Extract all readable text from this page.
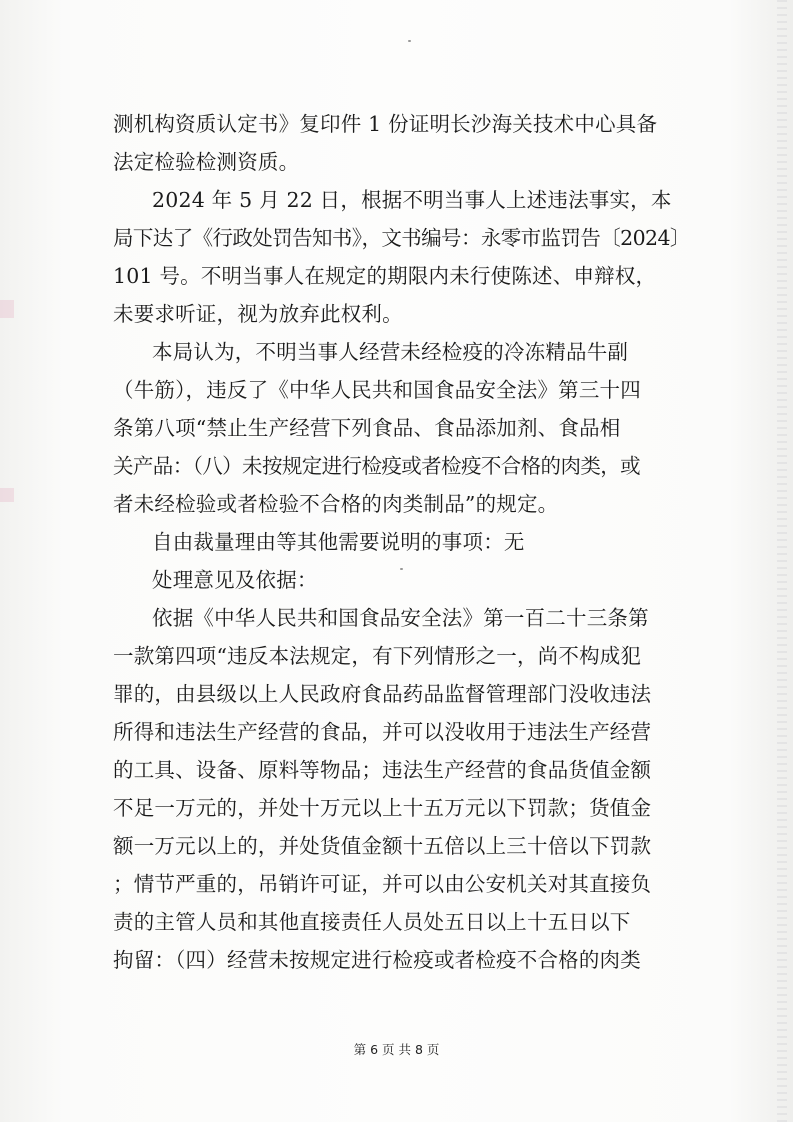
测机构资质认定书》复印件 1 份证明长沙海关技术中心具备
法定检验检测资质。
2024 年 5 月 22 日，根据不明当事人上述违法事实，本
局下达了《行政处罚告知书》，文书编号：永零市监罚告〔2024〕
101 号。不明当事人在规定的期限内未行使陈述、申辩权，
未要求听证，视为放弃此权利。
本局认为，不明当事人经营未经检疫的冷冻精品牛副
（牛筋），违反了《中华人民共和国食品安全法》第三十四
条第八项“禁止生产经营下列食品、食品添加剂、食品相
关产品：（八）未按规定进行检疫或者检疫不合格的肉类，或
者未经检验或者检验不合格的肉类制品”的规定。
自由裁量理由等其他需要说明的事项：无
处理意见及依据：
依据《中华人民共和国食品安全法》第一百二十三条第
一款第四项“违反本法规定，有下列情形之一，尚不构成犯
罪的，由县级以上人民政府食品药品监督管理部门没收违法
所得和违法生产经营的食品，并可以没收用于违法生产经营
的工具、设备、原料等物品；违法生产经营的食品货值金额
不足一万元的，并处十万元以上十五万元以下罚款；货值金
额一万元以上的，并处货值金额十五倍以上三十倍以下罚款
；情节严重的，吊销许可证，并可以由公安机关对其直接负
责的主管人员和其他直接责任人员处五日以上十五日以下
拘留：（四）经营未按规定进行检疫或者检疫不合格的肉类
第 6 页 共 8 页
